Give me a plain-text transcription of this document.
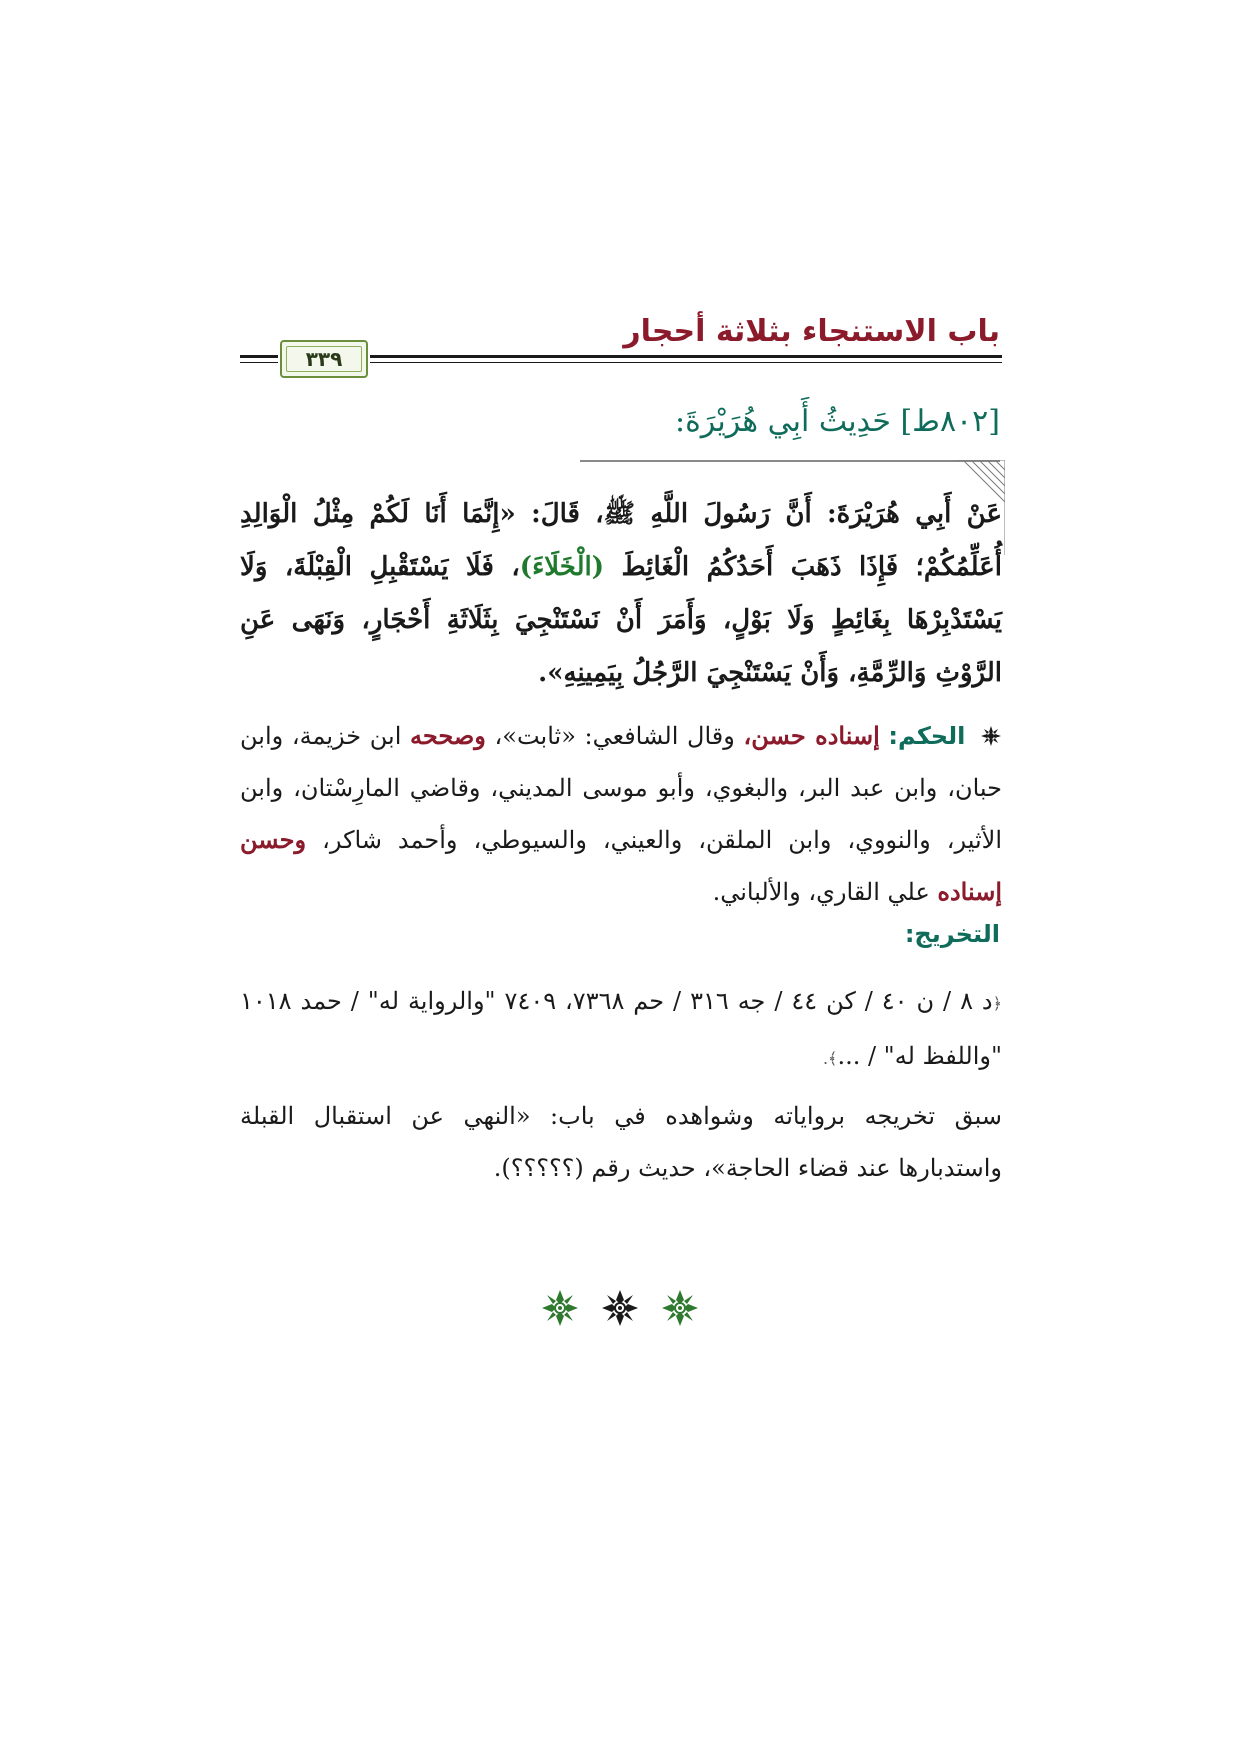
باب الاستنجاء بثلاثة أحجار
٣٣٩
[٨٠٢ط] حَدِيثُ أَبِي هُرَيْرَةَ:
عَنْ أَبِي هُرَيْرَةَ: أَنَّ رَسُولَ اللَّهِ ﷺ، قَالَ: «إِنَّمَا أَنَا لَكُمْ مِثْلُ الْوَالِدِ أُعَلِّمُكُمْ؛ فَإِذَا ذَهَبَ أَحَدُكُمُ الْغَائِطَ (الْخَلَاءَ)، فَلَا يَسْتَقْبِلِ الْقِبْلَةَ، وَلَا يَسْتَدْبِرْهَا بِغَائِطٍ وَلَا بَوْلٍ، وَأَمَرَ أَنْ نَسْتَنْجِيَ بِثَلَاثَةِ أَحْجَارٍ، وَنَهَى عَنِ الرَّوْثِ وَالرِّمَّةِ، وَأَنْ يَسْتَنْجِيَ الرَّجُلُ بِيَمِينِهِ».
الحكم: إسناده حسن، وقال الشافعي: «ثابت»، وصححه ابن خزيمة، وابن حبان، وابن عبد البر، والبغوي، وأبو موسى المديني، وقاضي المارِسْتان، وابن الأثير، والنووي، وابن الملقن، والعيني، والسيوطي، وأحمد شاكر، وحسن إسناده علي القاري، والألباني.
التخريج:
﴿د ٨ / ن ٤٠ / كن ٤٤ / جه ٣١٦ / حم ٧٣٦٨، ٧٤٠٩ "والرواية له" / حمد ١٠١٨ "واللفظ له" / ...﴾.
سبق تخريجه برواياته وشواهده في باب: «النهي عن استقبال القبلة واستدبارها عند قضاء الحاجة»، حديث رقم (؟؟؟؟؟).
